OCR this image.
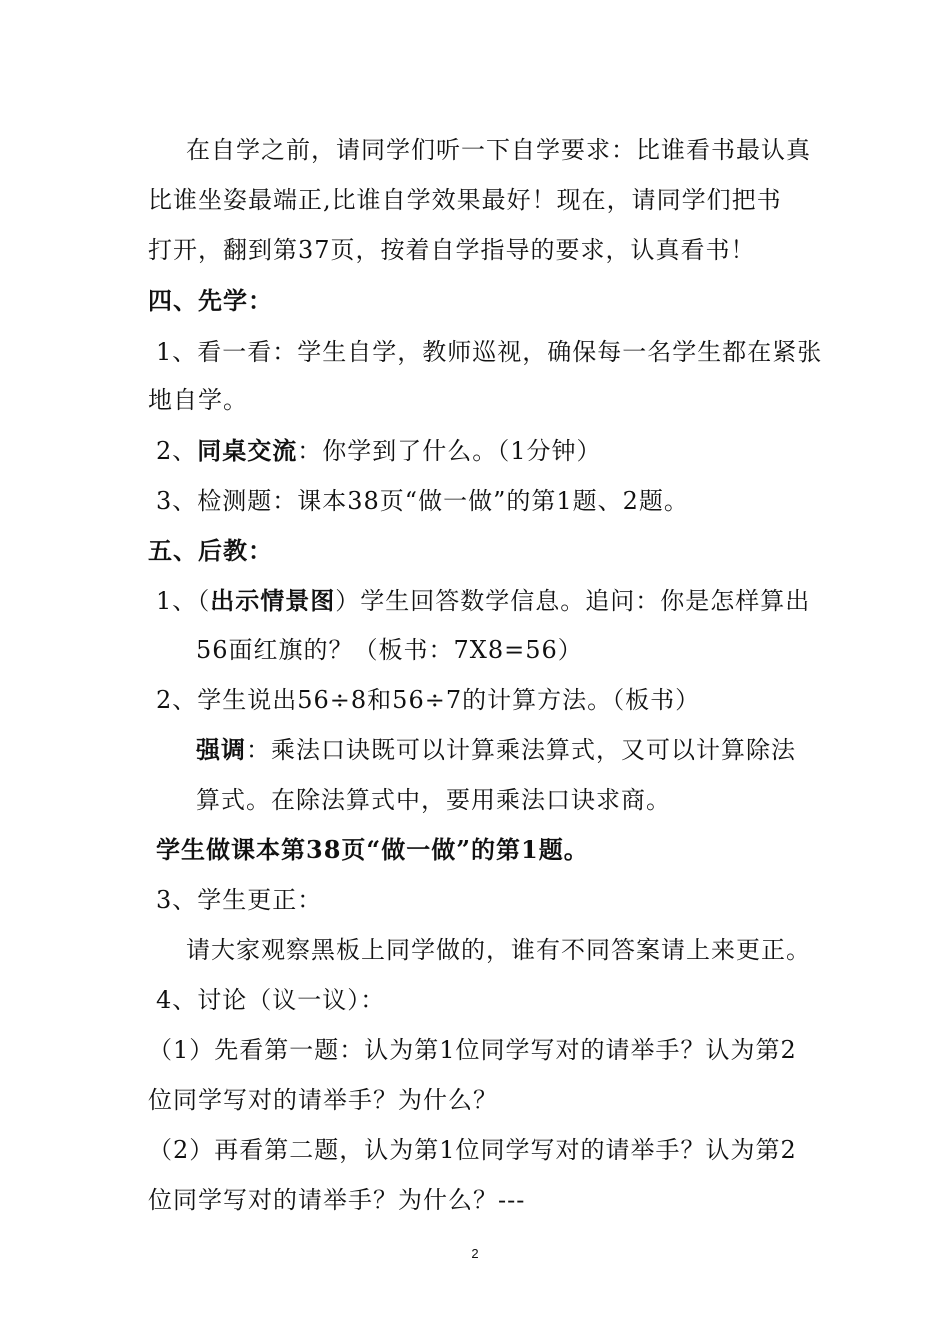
在自学之前，请同学们听一下自学要求：比谁看书最认真
比谁坐姿最端正,比谁自学效果最好！现在，请同学们把书
打开，翻到第37页，按着自学指导的要求，认真看书！
四、先学：
1、看一看：学生自学，教师巡视，确保每一名学生都在紧张
地自学。
2、同桌交流：你学到了什么。（1分钟）
3、检测题：课本38页“做一做”的第1题、2题。
五、后教：
1、（出示情景图）学生回答数学信息。追问：你是怎样算出
56面红旗的？（板书：7X8=56）
2、学生说出56÷8和56÷7的计算方法。（板书）
强调：乘法口诀既可以计算乘法算式，又可以计算除法
算式。在除法算式中，要用乘法口诀求商。
学生做课本第38页“做一做”的第1题。
3、学生更正：
请大家观察黑板上同学做的，谁有不同答案请上来更正。
4、讨论（议一议）：
（1）先看第一题：认为第1位同学写对的请举手？认为第2
位同学写对的请举手？为什么？
（2）再看第二题，认为第1位同学写对的请举手？认为第2
位同学写对的请举手？为什么？---
2
